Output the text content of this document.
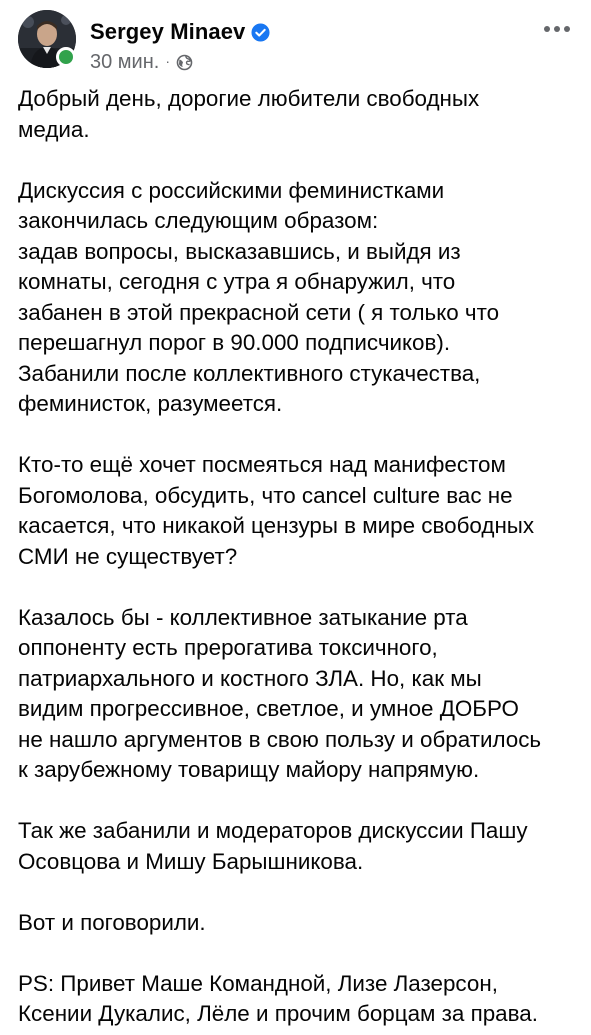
Sergey Minaev
30 мин. ·

Добрый день, дорогие любители свободных
медиа.

Дискуссия с российскими феминистками
закончилась следующим образом:
задав вопросы, высказавшись, и выйдя из
комнаты, сегодня с утра я обнаружил, что
забанен в этой прекрасной сети ( я только что
перешагнул порог в 90.000 подписчиков).
Забанили после коллективного стукачества,
феминисток, разумеется.

Кто-то ещё хочет посмеяться над манифестом
Богомолова, обсудить, что cancel culture вас не
касается, что никакой цензуры в мире свободных
СМИ не существует?

Казалось бы - коллективное затыкание рта
оппоненту есть прерогатива токсичного,
патриархального и костного ЗЛА. Но, как мы
видим прогрессивное, светлое, и умное ДОБРО
не нашло аргументов в свою пользу и обратилось
к зарубежному товарищу майору напрямую.

Так же забанили и модераторов дискуссии Пашу
Осовцова и Мишу Барышникова.

Вот и поговорили.

PS: Привет Маше Командной, Лизе Лазерсон,
Ксении Дукалис, Лёле и прочим борцам за права.
